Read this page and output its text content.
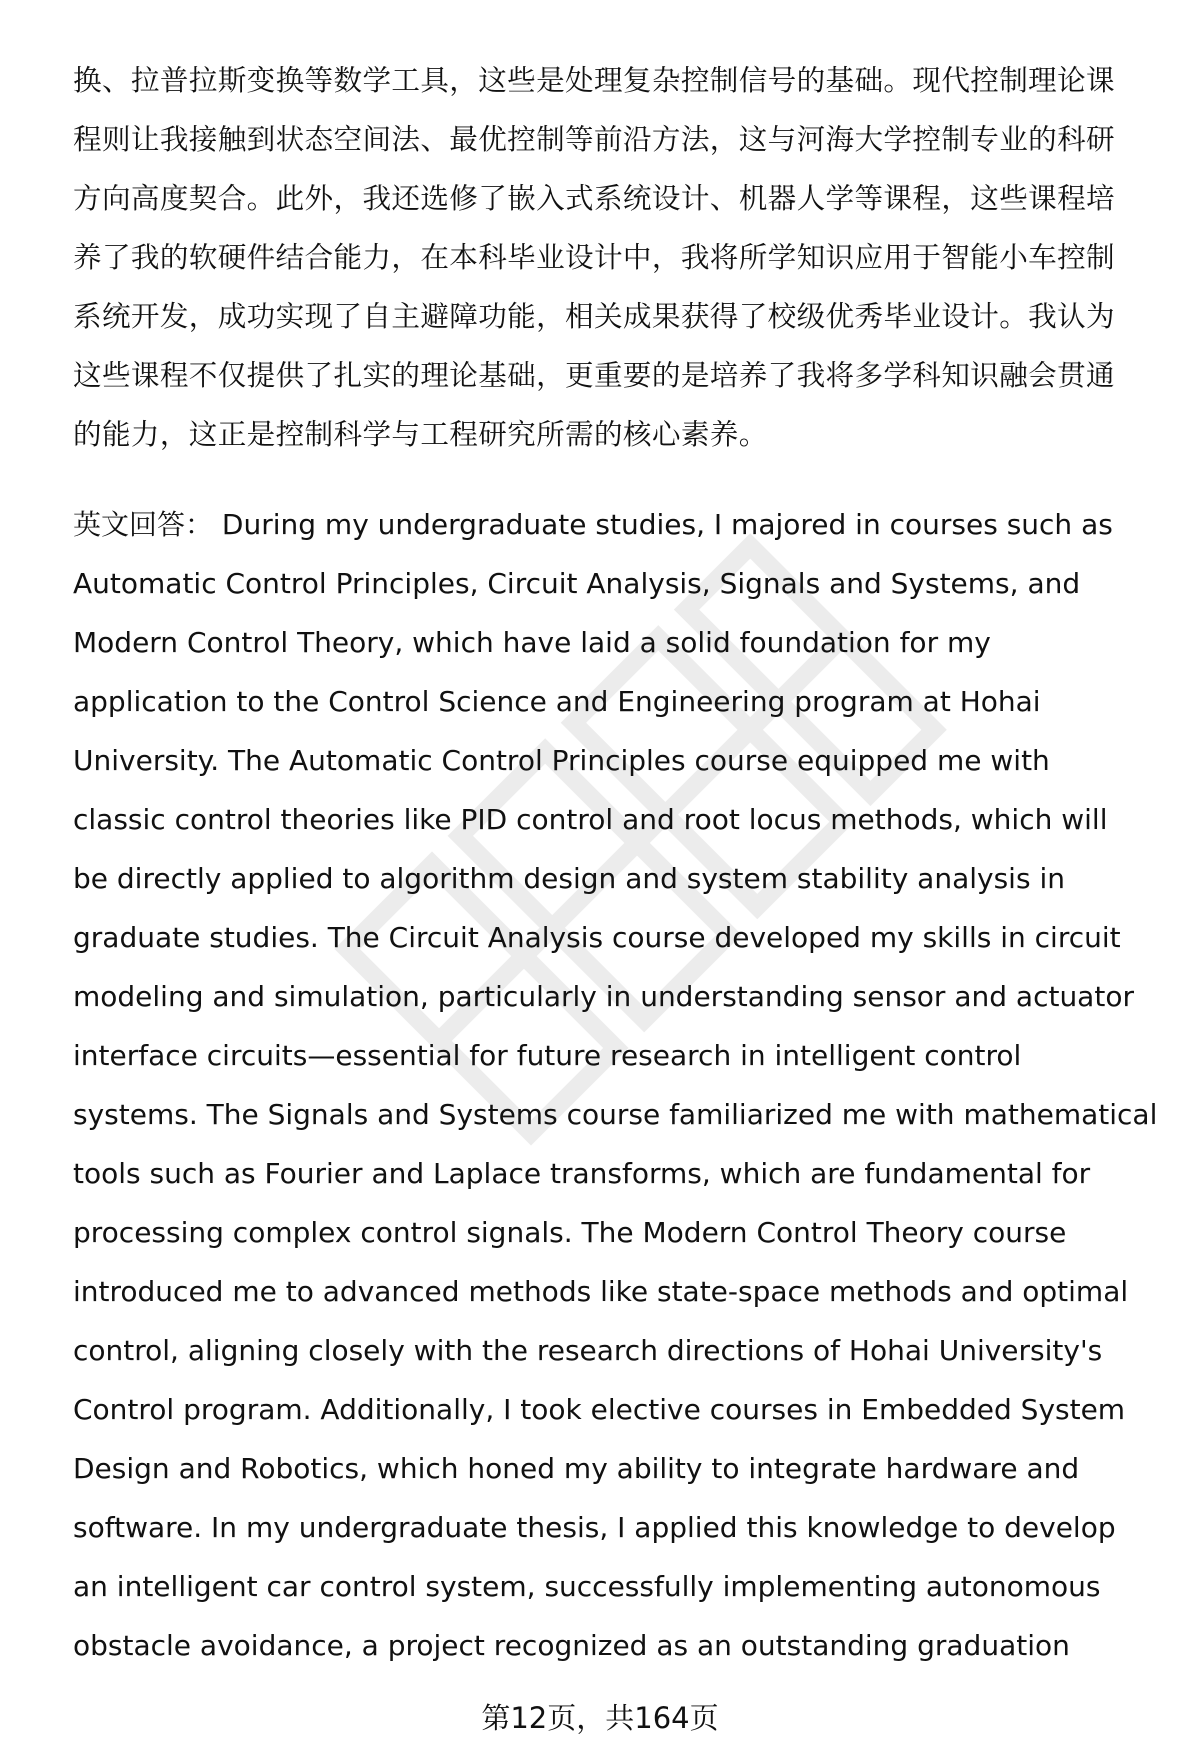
换、拉普拉斯变换等数学工具，这些是处理复杂控制信号的基础。现代控制理论课
程则让我接触到状态空间法、最优控制等前沿方法，这与河海大学控制专业的科研
方向高度契合。此外，我还选修了嵌入式系统设计、机器人学等课程，这些课程培
养了我的软硬件结合能力，在本科毕业设计中，我将所学知识应用于智能小车控制
系统开发，成功实现了自主避障功能，相关成果获得了校级优秀毕业设计。我认为
这些课程不仅提供了扎实的理论基础，更重要的是培养了我将多学科知识融会贯通
的能力，这正是控制科学与工程研究所需的核心素养。
英文回答： During my undergraduate studies, I majored in courses such as
Automatic Control Principles, Circuit Analysis, Signals and Systems, and
Modern Control Theory, which have laid a solid foundation for my
application to the Control Science and Engineering program at Hohai
University. The Automatic Control Principles course equipped me with
classic control theories like PID control and root locus methods, which will
be directly applied to algorithm design and system stability analysis in
graduate studies. The Circuit Analysis course developed my skills in circuit
modeling and simulation, particularly in understanding sensor and actuator
interface circuits—essential for future research in intelligent control
systems. The Signals and Systems course familiarized me with mathematical
tools such as Fourier and Laplace transforms, which are fundamental for
processing complex control signals. The Modern Control Theory course
introduced me to advanced methods like state-space methods and optimal
control, aligning closely with the research directions of Hohai University's
Control program. Additionally, I took elective courses in Embedded System
Design and Robotics, which honed my ability to integrate hardware and
software. In my undergraduate thesis, I applied this knowledge to develop
an intelligent car control system, successfully implementing autonomous
obstacle avoidance, a project recognized as an outstanding graduation
第12页，共164页
